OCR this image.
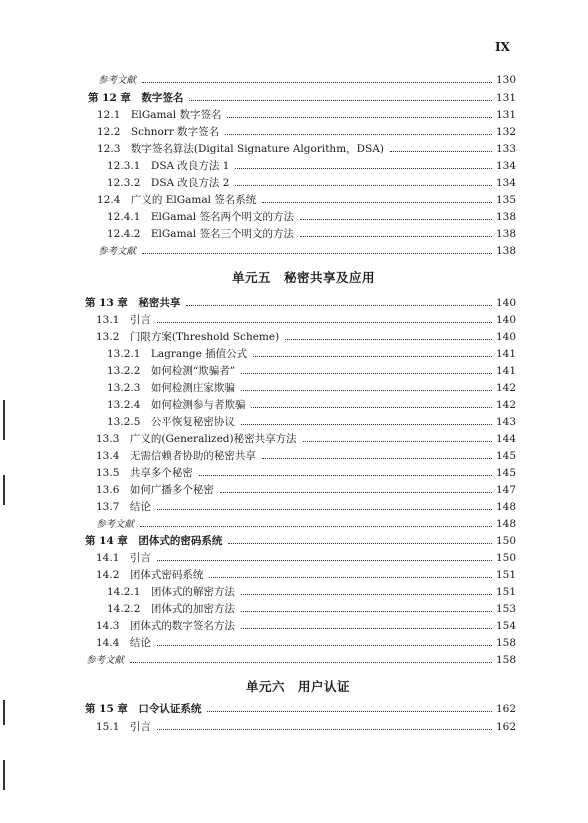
IX
参考文献	130
第 12 章　数字签名	131
12.1　ElGamal 数字签名	131
12.2　Schnorr 数字签名	132
12.3　数字签名算法(Digital Signature Algorithm，DSA)	133
12.3.1　DSA 改良方法 1	134
12.3.2　DSA 改良方法 2	134
12.4　广义的 ElGamal 签名系统	135
12.4.1　ElGamal 签名两个明文的方法	138
12.4.2　ElGamal 签名三个明文的方法	138
参考文献	138
单元五　秘密共享及应用
第 13 章　秘密共享	140
13.1　引言	140
13.2　门限方案(Threshold Scheme)	140
13.2.1　Lagrange 插值公式	141
13.2.2　如何检测“欺骗者”	141
13.2.3　如何检测庄家欺骗	142
13.2.4　如何检测参与者欺骗	142
13.2.5　公平恢复秘密协议	143
13.3　广义的(Generalized)秘密共享方法	144
13.4　无需信赖者协助的秘密共享	145
13.5　共享多个秘密	145
13.6　如何广播多个秘密	147
13.7　结论	148
参考文献	148
第 14 章　团体式的密码系统	150
14.1　引言	150
14.2　团体式密码系统	151
14.2.1　团体式的解密方法	151
14.2.2　团体式的加密方法	153
14.3　团体式的数字签名方法	154
14.4　结论	158
参考文献	158
单元六　用户认证
第 15 章　口令认证系统	162
15.1　引言	162
